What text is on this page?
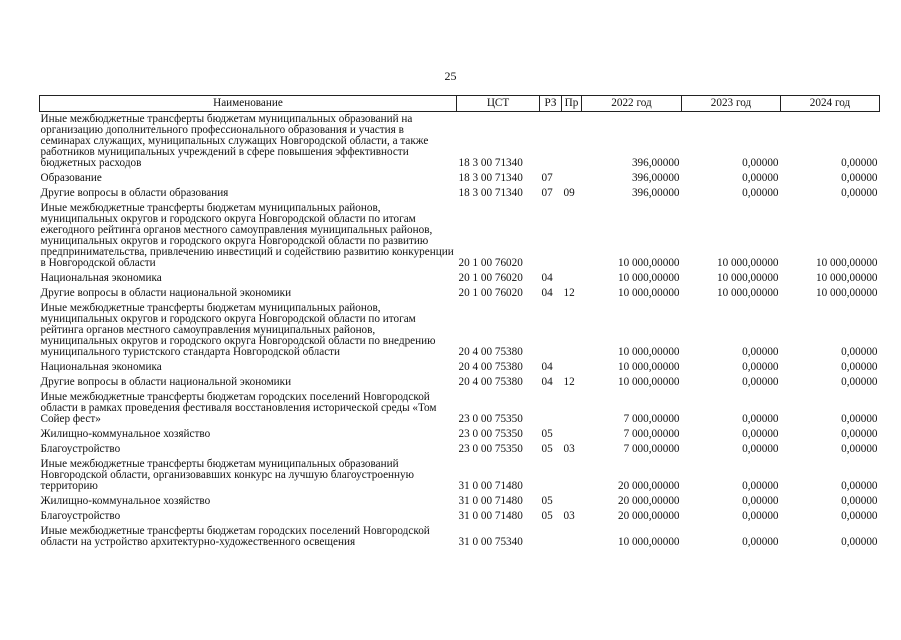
25
Наименование	ЦСТ	РЗ	Пр	2022 год	2023 год	2024 год
Иные межбюджетные трансферты бюджетам муниципальных образований на организацию дополнительного профессионального образования и участия в семинарах служащих, муниципальных служащих Новгородской области, а также работников муниципальных учреждений в сфере повышения эффективности бюджетных расходов	18 3 00 71340			396,00000	0,00000	0,00000
Образование	18 3 00 71340	07		396,00000	0,00000	0,00000
Другие вопросы в области образования	18 3 00 71340	07	09	396,00000	0,00000	0,00000
Иные межбюджетные трансферты бюджетам муниципальных районов, муниципальных округов и городского округа Новгородской области по итогам ежегодного рейтинга органов местного самоуправления муниципальных районов, муниципальных округов и городского округа Новгородской области по развитию предпринимательства, привлечению инвестиций и содействию развитию конкуренции в Новгородской области	20 1 00 76020			10 000,00000	10 000,00000	10 000,00000
Национальная экономика	20 1 00 76020	04		10 000,00000	10 000,00000	10 000,00000
Другие вопросы в области национальной экономики	20 1 00 76020	04	12	10 000,00000	10 000,00000	10 000,00000
Иные межбюджетные трансферты бюджетам муниципальных районов, муниципальных округов и городского округа Новгородской области по итогам рейтинга органов местного самоуправления муниципальных районов, муниципальных округов и городского округа Новгородской области по внедрению муниципального туристского стандарта Новгородской области	20 4 00 75380			10 000,00000	0,00000	0,00000
Национальная экономика	20 4 00 75380	04		10 000,00000	0,00000	0,00000
Другие вопросы в области национальной экономики	20 4 00 75380	04	12	10 000,00000	0,00000	0,00000
Иные межбюджетные трансферты бюджетам городских поселений Новгородской области в рамках проведения фестиваля восстановления исторической среды «Том Сойер фест»	23 0 00 75350			7 000,00000	0,00000	0,00000
Жилищно-коммунальное хозяйство	23 0 00 75350	05		7 000,00000	0,00000	0,00000
Благоустройство	23 0 00 75350	05	03	7 000,00000	0,00000	0,00000
Иные межбюджетные трансферты бюджетам муниципальных образований Новгородской области, организовавших конкурс на лучшую благоустроенную территорию	31 0 00 71480			20 000,00000	0,00000	0,00000
Жилищно-коммунальное хозяйство	31 0 00 71480	05		20 000,00000	0,00000	0,00000
Благоустройство	31 0 00 71480	05	03	20 000,00000	0,00000	0,00000
Иные межбюджетные трансферты бюджетам городских поселений Новгородской области на устройство архитектурно-художественного освещения	31 0 00 75340			10 000,00000	0,00000	0,00000
